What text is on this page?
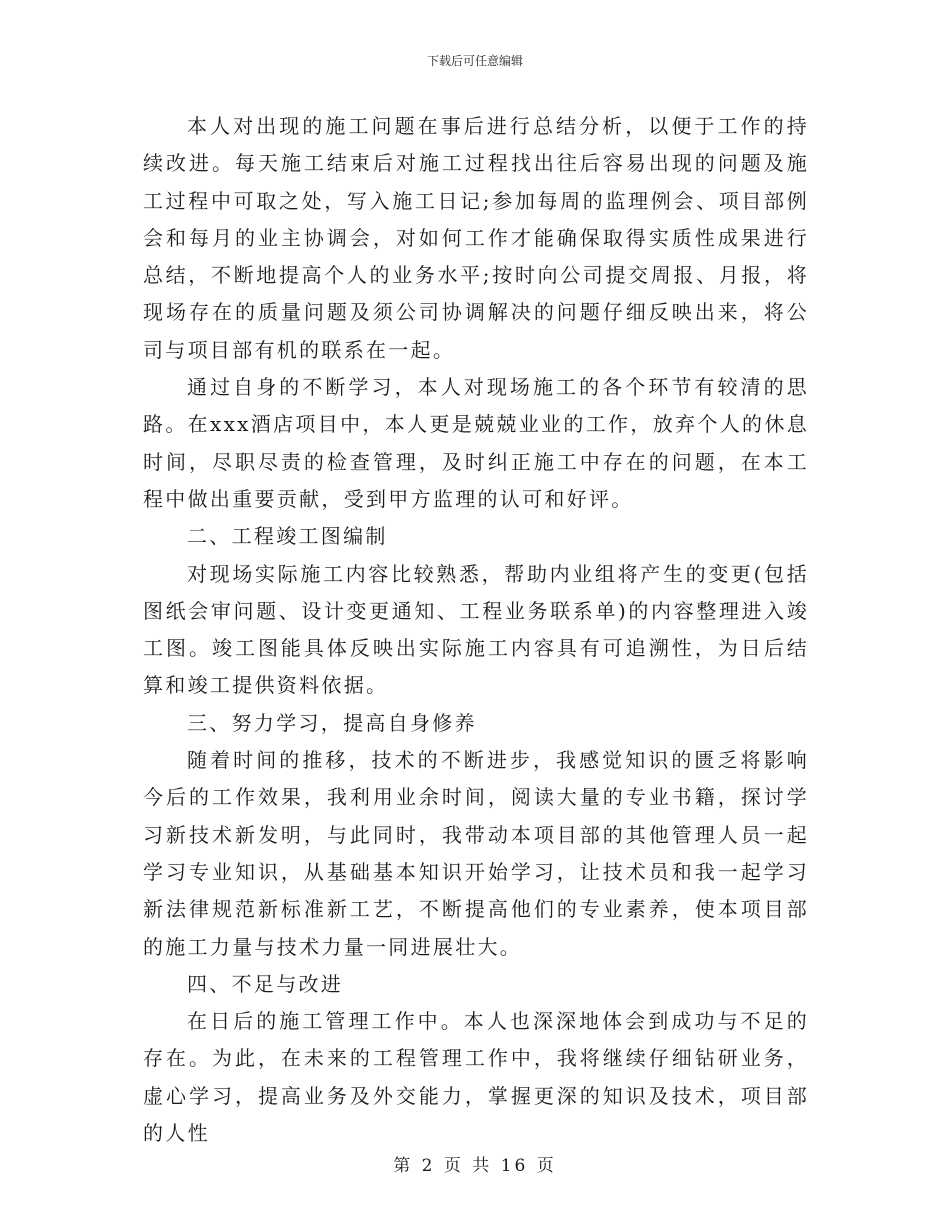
下载后可任意编辑

本人对出现的施工问题在事后进行总结分析，以便于工作的持续改进。每天施工结束后对施工过程找出往后容易出现的问题及施工过程中可取之处，写入施工日记;参加每周的监理例会、项目部例会和每月的业主协调会，对如何工作才能确保取得实质性成果进行总结，不断地提高个人的业务水平;按时向公司提交周报、月报，将现场存在的质量问题及须公司协调解决的问题仔细反映出来，将公司与项目部有机的联系在一起。

通过自身的不断学习，本人对现场施工的各个环节有较清的思路。在xxx酒店项目中，本人更是兢兢业业的工作，放弃个人的休息时间，尽职尽责的检查管理，及时纠正施工中存在的问题，在本工程中做出重要贡献，受到甲方监理的认可和好评。

二、工程竣工图编制

对现场实际施工内容比较熟悉，帮助内业组将产生的变更(包括图纸会审问题、设计变更通知、工程业务联系单)的内容整理进入竣工图。竣工图能具体反映出实际施工内容具有可追溯性，为日后结算和竣工提供资料依据。

三、努力学习，提高自身修养

随着时间的推移，技术的不断进步，我感觉知识的匮乏将影响今后的工作效果，我利用业余时间，阅读大量的专业书籍，探讨学习新技术新发明，与此同时，我带动本项目部的其他管理人员一起学习专业知识，从基础基本知识开始学习，让技术员和我一起学习新法律规范新标准新工艺，不断提高他们的专业素养，使本项目部的施工力量与技术力量一同进展壮大。

四、不足与改进

在日后的施工管理工作中。本人也深深地体会到成功与不足的存在。为此，在未来的工程管理工作中，我将继续仔细钻研业务，虚心学习，提高业务及外交能力，掌握更深的知识及技术，项目部的人性

第 2 页 共 16 页
